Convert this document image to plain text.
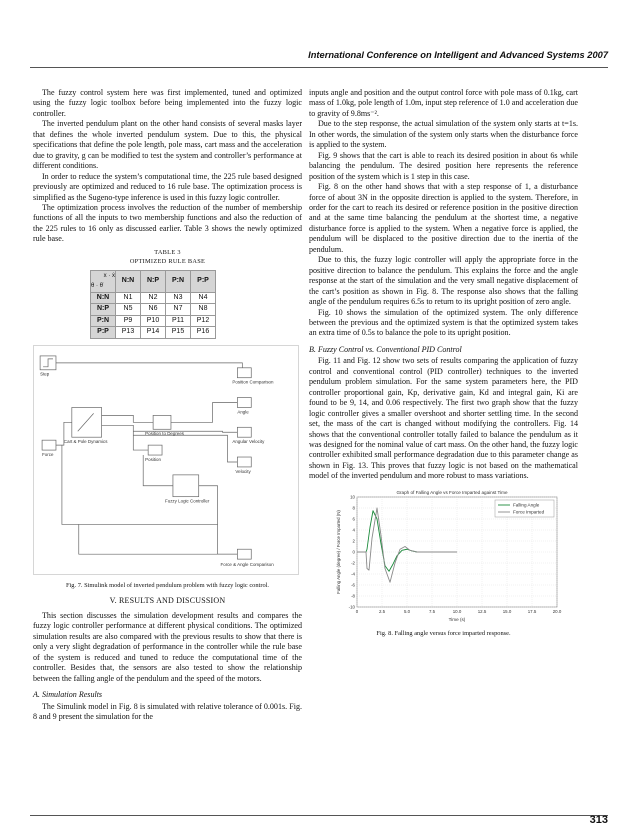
International Conference on Intelligent and Advanced Systems 2007

The fuzzy control system here was first implemented, tuned and optimized using the fuzzy logic toolbox before being implemented into the fuzzy logic controller.

The inverted pendulum plant on the other hand consists of several masks layer that defines the whole inverted pendulum system. Due to this, the physical specifications that define the pole length, pole mass, cart mass and the acceleration due to gravity, g can be modified to test the system and controller’s performance at different conditions.

In order to reduce the system’s computational time, the 225 rule based designed previously are optimized and reduced to 16 rule base. The optimization process is simplified as the Sugeno-type inference is used in this fuzzy logic controller.

The optimization process involves the reduction of the number of membership functions of all the inputs to two membership functions and also the reduction of the 225 rules to 16 only as discussed earlier. Table 3 shows the newly optimized rule base.

TABLE 3
OPTIMIZED RULE BASE
x · ẋ
θ · θ̇	N:N	N:P	P:N	P:P
N:N	N1	N2	N3	N4
N:P	N5	N6	N7	N8
P:N	P9	P10	P11	P12
P:P	P13	P14	P15	P16
Step
Force
Cart & Pole Dynamics
Position to Degrees
Fuzzy Logic Controller
Position Comparison
Angle
Angular Velocity
Velocity
Position
Force & Angle Comparison
Fig. 7. Simulink model of inverted pendulum problem with fuzzy logic control.
V. RESULTS AND DISCUSSION

This section discusses the simulation development results and compares the fuzzy logic controller performance at different physical conditions. The optimized simulation results are also compared with the previous results to show that there is only a very slight degradation of performance in the controller while the rule base of the system is reduced and tuned to reduce the computational time of the controller. Besides that, the sensors are also tested to show the relationship between the falling angle of the pendulum and the speed of the motors.

A. Simulation Results

The Simulink model in Fig. 8 is simulated with relative tolerance of 0.001s. Fig. 8 and 9 present the simulation for the

inputs angle and position and the output control force with pole mass of 0.1kg, cart mass of 1.0kg, pole length of 1.0m, input step reference of 1.0 and acceleration due to gravity of 9.8ms⁻².

Due to the step response, the actual simulation of the system only starts at t=1s. In other words, the simulation of the system only starts when the disturbance force is applied to the system.

Fig. 9 shows that the cart is able to reach its desired position in about 6s while balancing the pendulum. The desired position here represents the reference position of the system which is 1 step in this case.

Fig. 8 on the other hand shows that with a step response of 1, a disturbance force of about 3N in the opposite direction is applied to the system. Therefore, in order for the cart to reach its desired or reference position in the positive direction and at the same time balancing the pendulum at the shortest time, a negative disturbance force is applied to the system. When a negative force is applied, the pendulum will be displaced to the positive direction due to the inertia of the pendulum.

Due to this, the fuzzy logic controller will apply the appropriate force in the positive direction to balance the pendulum. This explains the force and the angle response at the start of the simulation and the very small negative displacement of the cart’s position as shown in Fig. 8. The response also shows that the falling angle of the pendulum requires 6.5s to return to its upright position of zero angle.

Fig. 10 shows the simulation of the optimized system. The only difference between the previous and the optimized system is that the optimized system takes an extra time of 0.5s to balance the pole to its upright position.

B. Fuzzy Control vs. Conventional PID Control

Fig. 11 and Fig. 12 show two sets of results comparing the application of fuzzy control and conventional control (PID controller) techniques to the inverted pendulum problem simulation. For the same system parameters here, the PID controller proportional gain, Kp, derivative gain, Kd and integral gain, Ki are found to be 9, 14, and 0.06 respectively. The first two graph show that the fuzzy logic controller gives a smaller overshoot and shorter settling time. In the second set, the mass of the cart is changed without modifying the controllers. Fig. 14 shows that the conventional controller totally failed to balance the pendulum as it was designed for the nominal value of cart mass. On the other hand, the fuzzy logic controller exhibited small performance degradation due to this parameter change as shown in Fig. 13. This proves that fuzzy logic is not based on the mathematical model of the inverted pendulum and more robust to mass variations.

Graph of Falling Angle vs Force Imparted against Time
10
8
6
4
2
0
-2
-4
-6
-8
-10
0	2.5	5.0	7.5	10.0	12.5	15.0	17.5	20.0
Time (s)
Falling Angle (degree) / Force Imparted (N)
Falling Angle
Force Imparted
Fig. 8. Falling angle versus force imparted response.
313
